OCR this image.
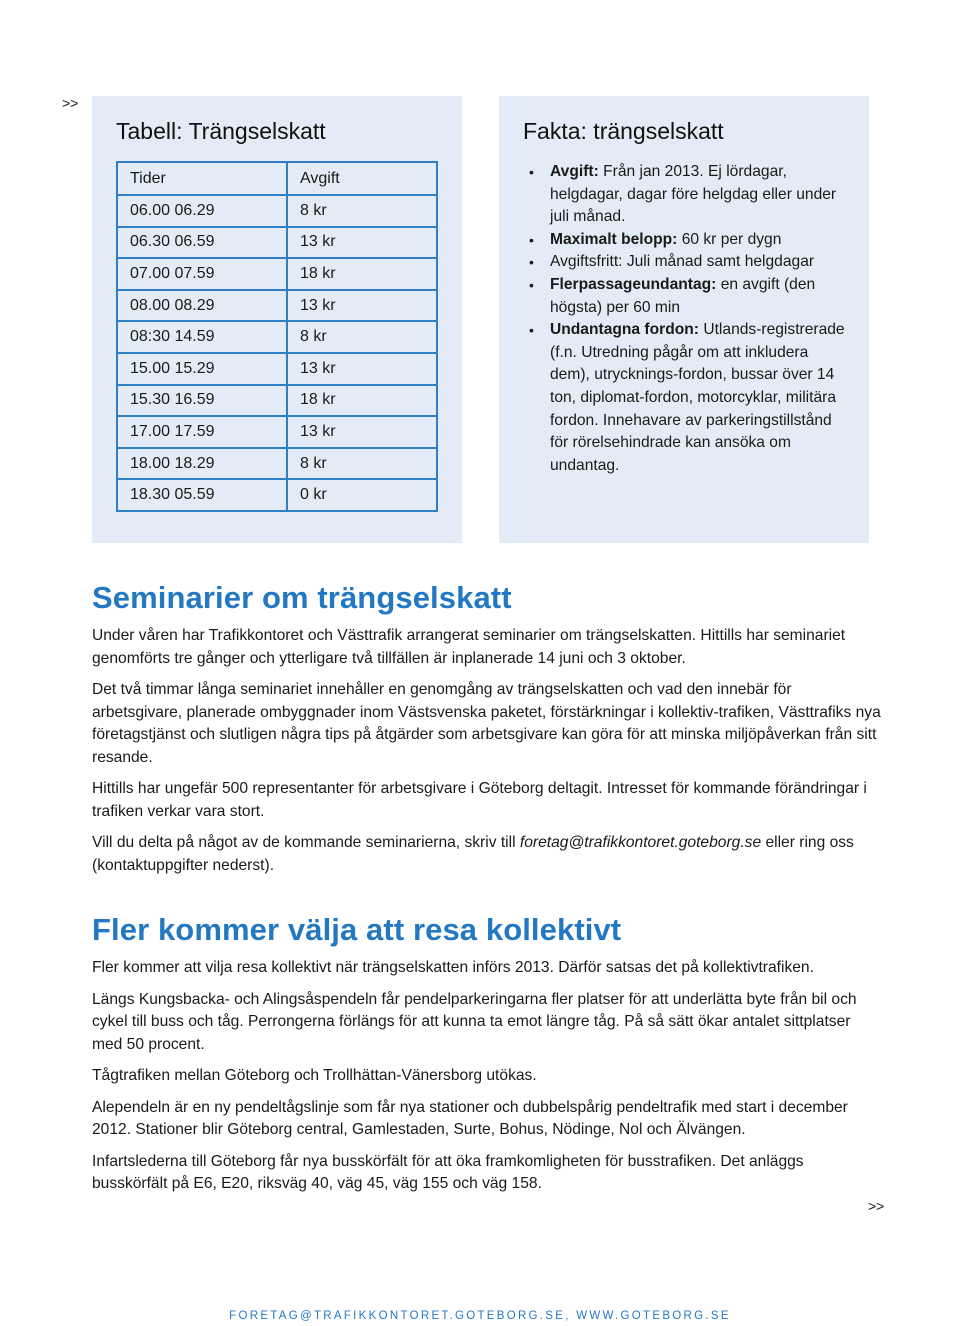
>>
Tabell: Trängselskatt
Tider	Avgift
06.00 06.29	8 kr
06.30 06.59	13 kr
07.00 07.59	18 kr
08.00 08.29	13 kr
08:30 14.59	8 kr
15.00 15.29	13 kr
15.30 16.59	18 kr
17.00 17.59	13 kr
18.00 18.29	8 kr
18.30 05.59	0 kr
Fakta: trängselskatt
• Avgift: Från jan 2013. Ej lördagar, helgdagar, dagar före helgdag eller under juli månad.
• Maximalt belopp: 60 kr per dygn
• Avgiftsfritt: Juli månad samt helgdagar
• Flerpassageundantag: en avgift (den högsta) per 60 min
• Undantagna fordon: Utlands-registrerade (f.n. Utredning pågår om att inkludera dem), utrycknings-fordon, bussar över 14 ton, diplomat-fordon, motorcyklar, militära fordon. Innehavare av parkeringstillstånd för rörelsehindrade kan ansöka om undantag.
Seminarier om trängselskatt

Under våren har Trafikkontoret och Västtrafik arrangerat seminarier om trängselskatten. Hittills har seminariet genomförts tre gånger och ytterligare två tillfällen är inplanerade 14 juni och 3 oktober.

Det två timmar långa seminariet innehåller en genomgång av trängselskatten och vad den innebär för arbetsgivare, planerade ombyggnader inom Västsvenska paketet, förstärkningar i kollektiv-trafiken, Västtrafiks nya företagstjänst och slutligen några tips på åtgärder som arbetsgivare kan göra för att minska miljöpåverkan från sitt resande.

Hittills har ungefär 500 representanter för arbetsgivare i Göteborg deltagit. Intresset för kommande förändringar i trafiken verkar vara stort.

Vill du delta på något av de kommande seminarierna, skriv till foretag@trafikkontoret.goteborg.se eller ring oss (kontaktuppgifter nederst).

Fler kommer välja att resa kollektivt

Fler kommer att vilja resa kollektivt när trängselskatten införs 2013. Därför satsas det på kollektivtrafiken.

Längs Kungsbacka- och Alingsåspendeln får pendelparkeringarna fler platser för att underlätta byte från bil och cykel till buss och tåg. Perrongerna förlängs för att kunna ta emot längre tåg. På så sätt ökar antalet sittplatser med 50 procent.

Tågtrafiken mellan Göteborg och Trollhättan-Vänersborg utökas.

Alependeln är en ny pendeltågslinje som får nya stationer och dubbelspårig pendeltrafik med start i december 2012. Stationer blir Göteborg central, Gamlestaden, Surte, Bohus, Nödinge, Nol och Älvängen.

Infartslederna till Göteborg får nya busskörfält för att öka framkomligheten för busstrafiken. Det anläggs busskörfält på E6, E20, riksväg 40, väg 45, väg 155 och väg 158.

>>
FORETAG@TRAFIKKONTORET.GOTEBORG.SE, WWW.GOTEBORG.SE
